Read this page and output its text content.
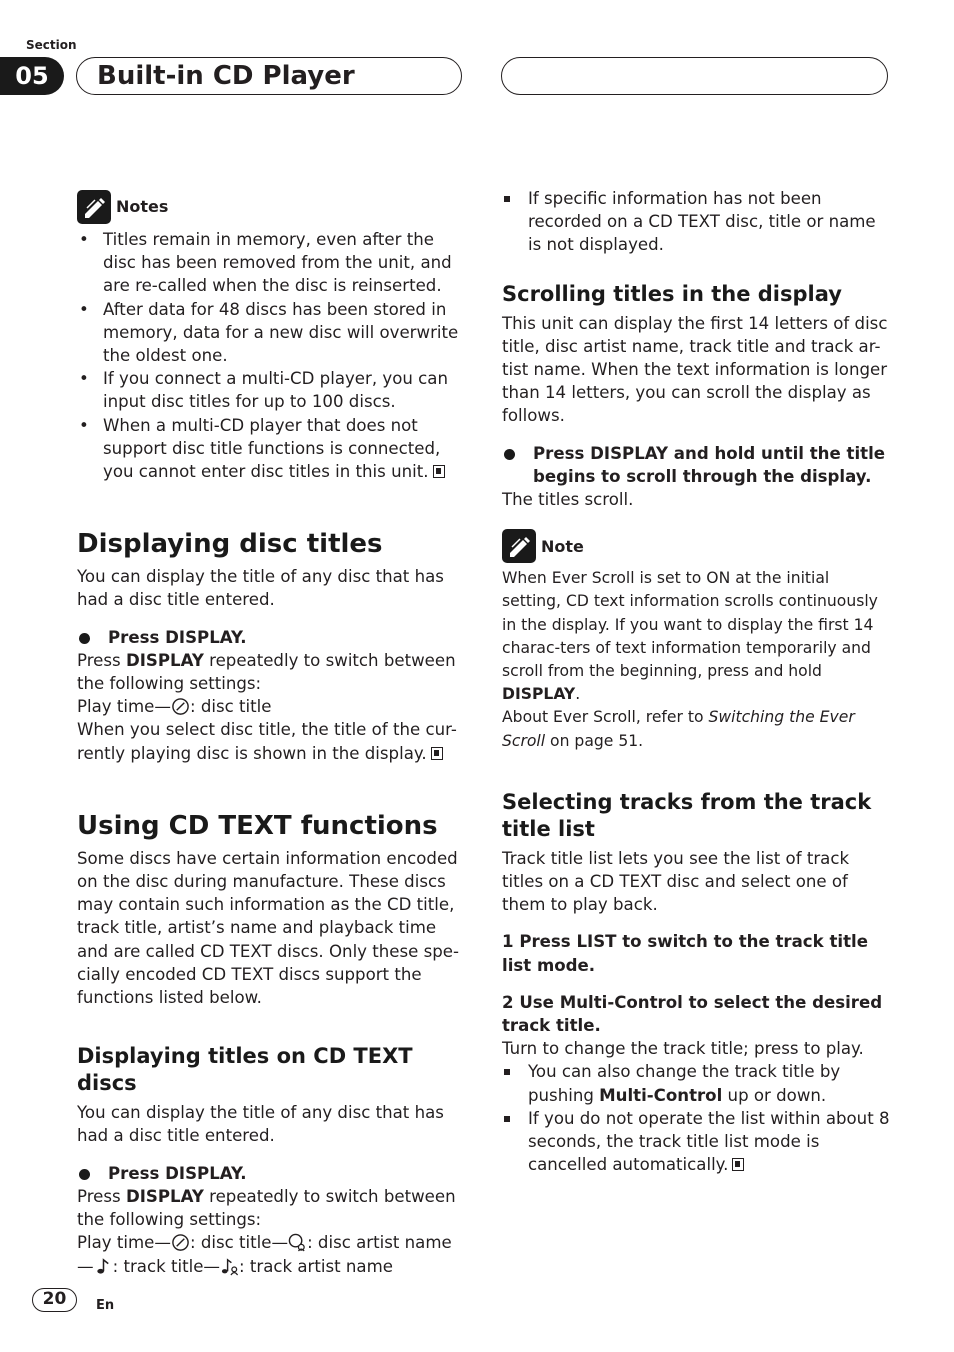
Section
05	Built-in CD Player
Notes
• Titles remain in memory, even after the disc has been removed from the unit, and are re-called when the disc is reinserted.
• After data for 48 discs has been stored in memory, data for a new disc will overwrite the oldest one.
• If you connect a multi-CD player, you can input disc titles for up to 100 discs.
• When a multi-CD player that does not support disc title functions is connected, you cannot enter disc titles in this unit.
Displaying disc titles

You can display the title of any disc that has had a disc title entered.

Press DISPLAY.

Press DISPLAY repeatedly to switch between the following settings:

Play time— : disc title

When you select disc title, the title of the cur-rently playing disc is shown in the display.

Using CD TEXT functions

Some discs have certain information encoded on the disc during manufacture. These discs may contain such information as the CD title, track title, artist’s name and playback time and are called CD TEXT discs. Only these spe-cially encoded CD TEXT discs support the functions listed below.

Displaying titles on CD TEXT discs

You can display the title of any disc that has had a disc title entered.

Press DISPLAY.

Press DISPLAY repeatedly to switch between the following settings:

Play time— : disc title— : disc artist name
— : track title— : track artist name

If specific information has not been recorded on a CD TEXT disc, title or name is not displayed.

Scrolling titles in the display

This unit can display the first 14 letters of disc title, disc artist name, track title and track ar-tist name. When the text information is longer than 14 letters, you can scroll the display as follows.

Press DISPLAY and hold until the title begins to scroll through the display.

The titles scroll.

Note

When Ever Scroll is set to ON at the initial setting, CD text information scrolls continuously in the display. If you want to display the first 14 charac-ters of text information temporarily and scroll from the beginning, press and hold DISPLAY.

About Ever Scroll, refer to Switching the Ever Scroll on page 51.

Selecting tracks from the track title list

Track title list lets you see the list of track titles on a CD TEXT disc and select one of them to play back.

1 Press LIST to switch to the track title list mode.
2 Use Multi-Control to select the desired track title.

Turn to change the track title; press to play.

You can also change the track title by pushing Multi-Control up or down.

If you do not operate the list within about 8 seconds, the track title list mode is cancelled automatically.

20	En
